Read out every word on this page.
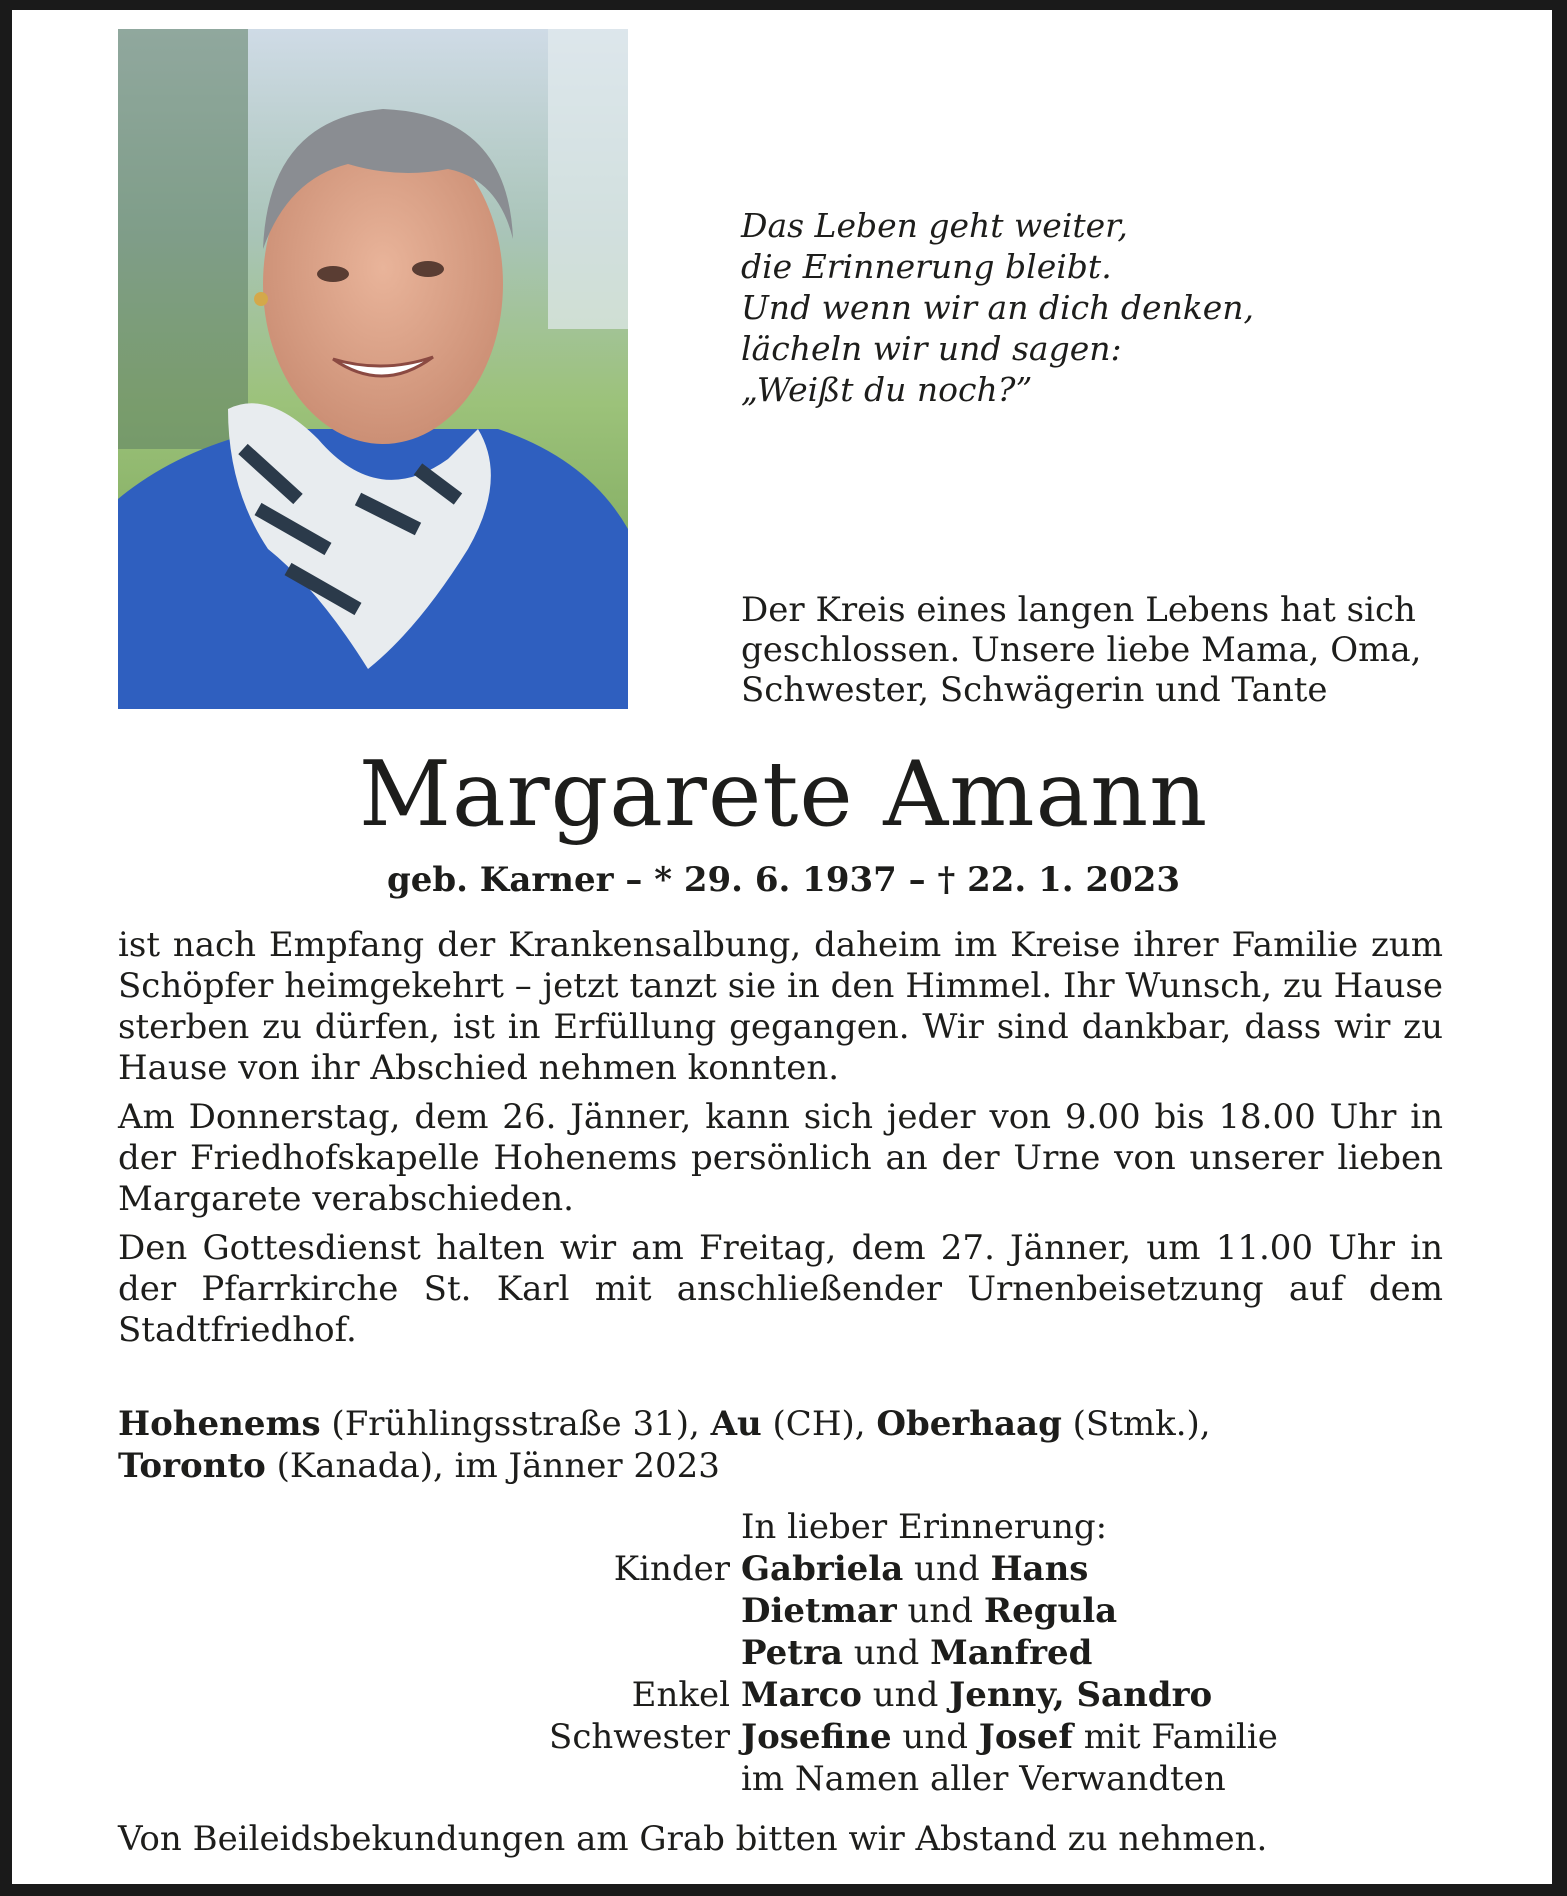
Das Leben geht weiter,
die Erinnerung bleibt.
Und wenn wir an dich denken,
lächeln wir und sagen:
„Weißt du noch?”
Der Kreis eines langen Lebens hat sich
geschlossen. Unsere liebe Mama, Oma,
Schwester, Schwägerin und Tante
Margarete Amann
geb. Karner – * 29. 6. 1937 – † 22. 1. 2023

ist nach Empfang der Krankensalbung, daheim im Kreise ihrer Familie zum Schöpfer heimgekehrt – jetzt tanzt sie in den Himmel. Ihr Wunsch, zu Hause sterben zu dürfen, ist in Erfüllung gegangen. Wir sind dankbar, dass wir zu Hause von ihr Abschied nehmen konnten.

Am Donnerstag, dem 26. Jänner, kann sich jeder von 9.00 bis 18.00 Uhr in der Friedhofskapelle Hohenems persönlich an der Urne von unserer lieben Margarete verabschieden.

Den Gottesdienst halten wir am Freitag, dem 27. Jänner, um 11.00 Uhr in der Pfarrkirche St. Karl mit anschließender Urnenbeisetzung auf dem Stadtfriedhof.

Hohenems (Frühlingsstraße 31), Au (CH), Oberhaag (Stmk.),
Toronto (Kanada), im Jänner 2023
In lieber Erinnerung:
Kinder Gabriela und Hans
Dietmar und Regula
Petra und Manfred
Enkel Marco und Jenny, Sandro
Schwester Josefine und Josef mit Familie
im Namen aller Verwandten
Von Beileidsbekundungen am Grab bitten wir Abstand zu nehmen.
